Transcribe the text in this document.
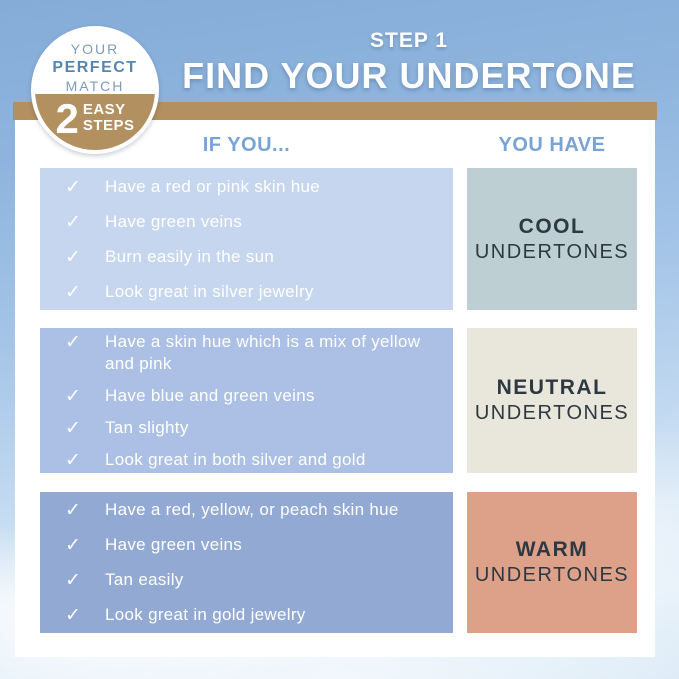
YOUR
PERFECT
MATCH
2 EASY
STEPS
STEP 1
FIND YOUR UNDERTONE
IF YOU...	YOU HAVE
✓	Have a red or pink skin hue
✓	Have green veins
✓	Burn easily in the sun
✓	Look great in silver jewelry
COOL
UNDERTONES
✓	Have a skin hue which is a mix of yellow and pink
✓	Have blue and green veins
✓	Tan slighty
✓	Look great in both silver and gold
NEUTRAL
UNDERTONES
✓	Have a red, yellow, or peach skin hue
✓	Have green veins
✓	Tan easily
✓	Look great in gold jewelry
WARM
UNDERTONES
